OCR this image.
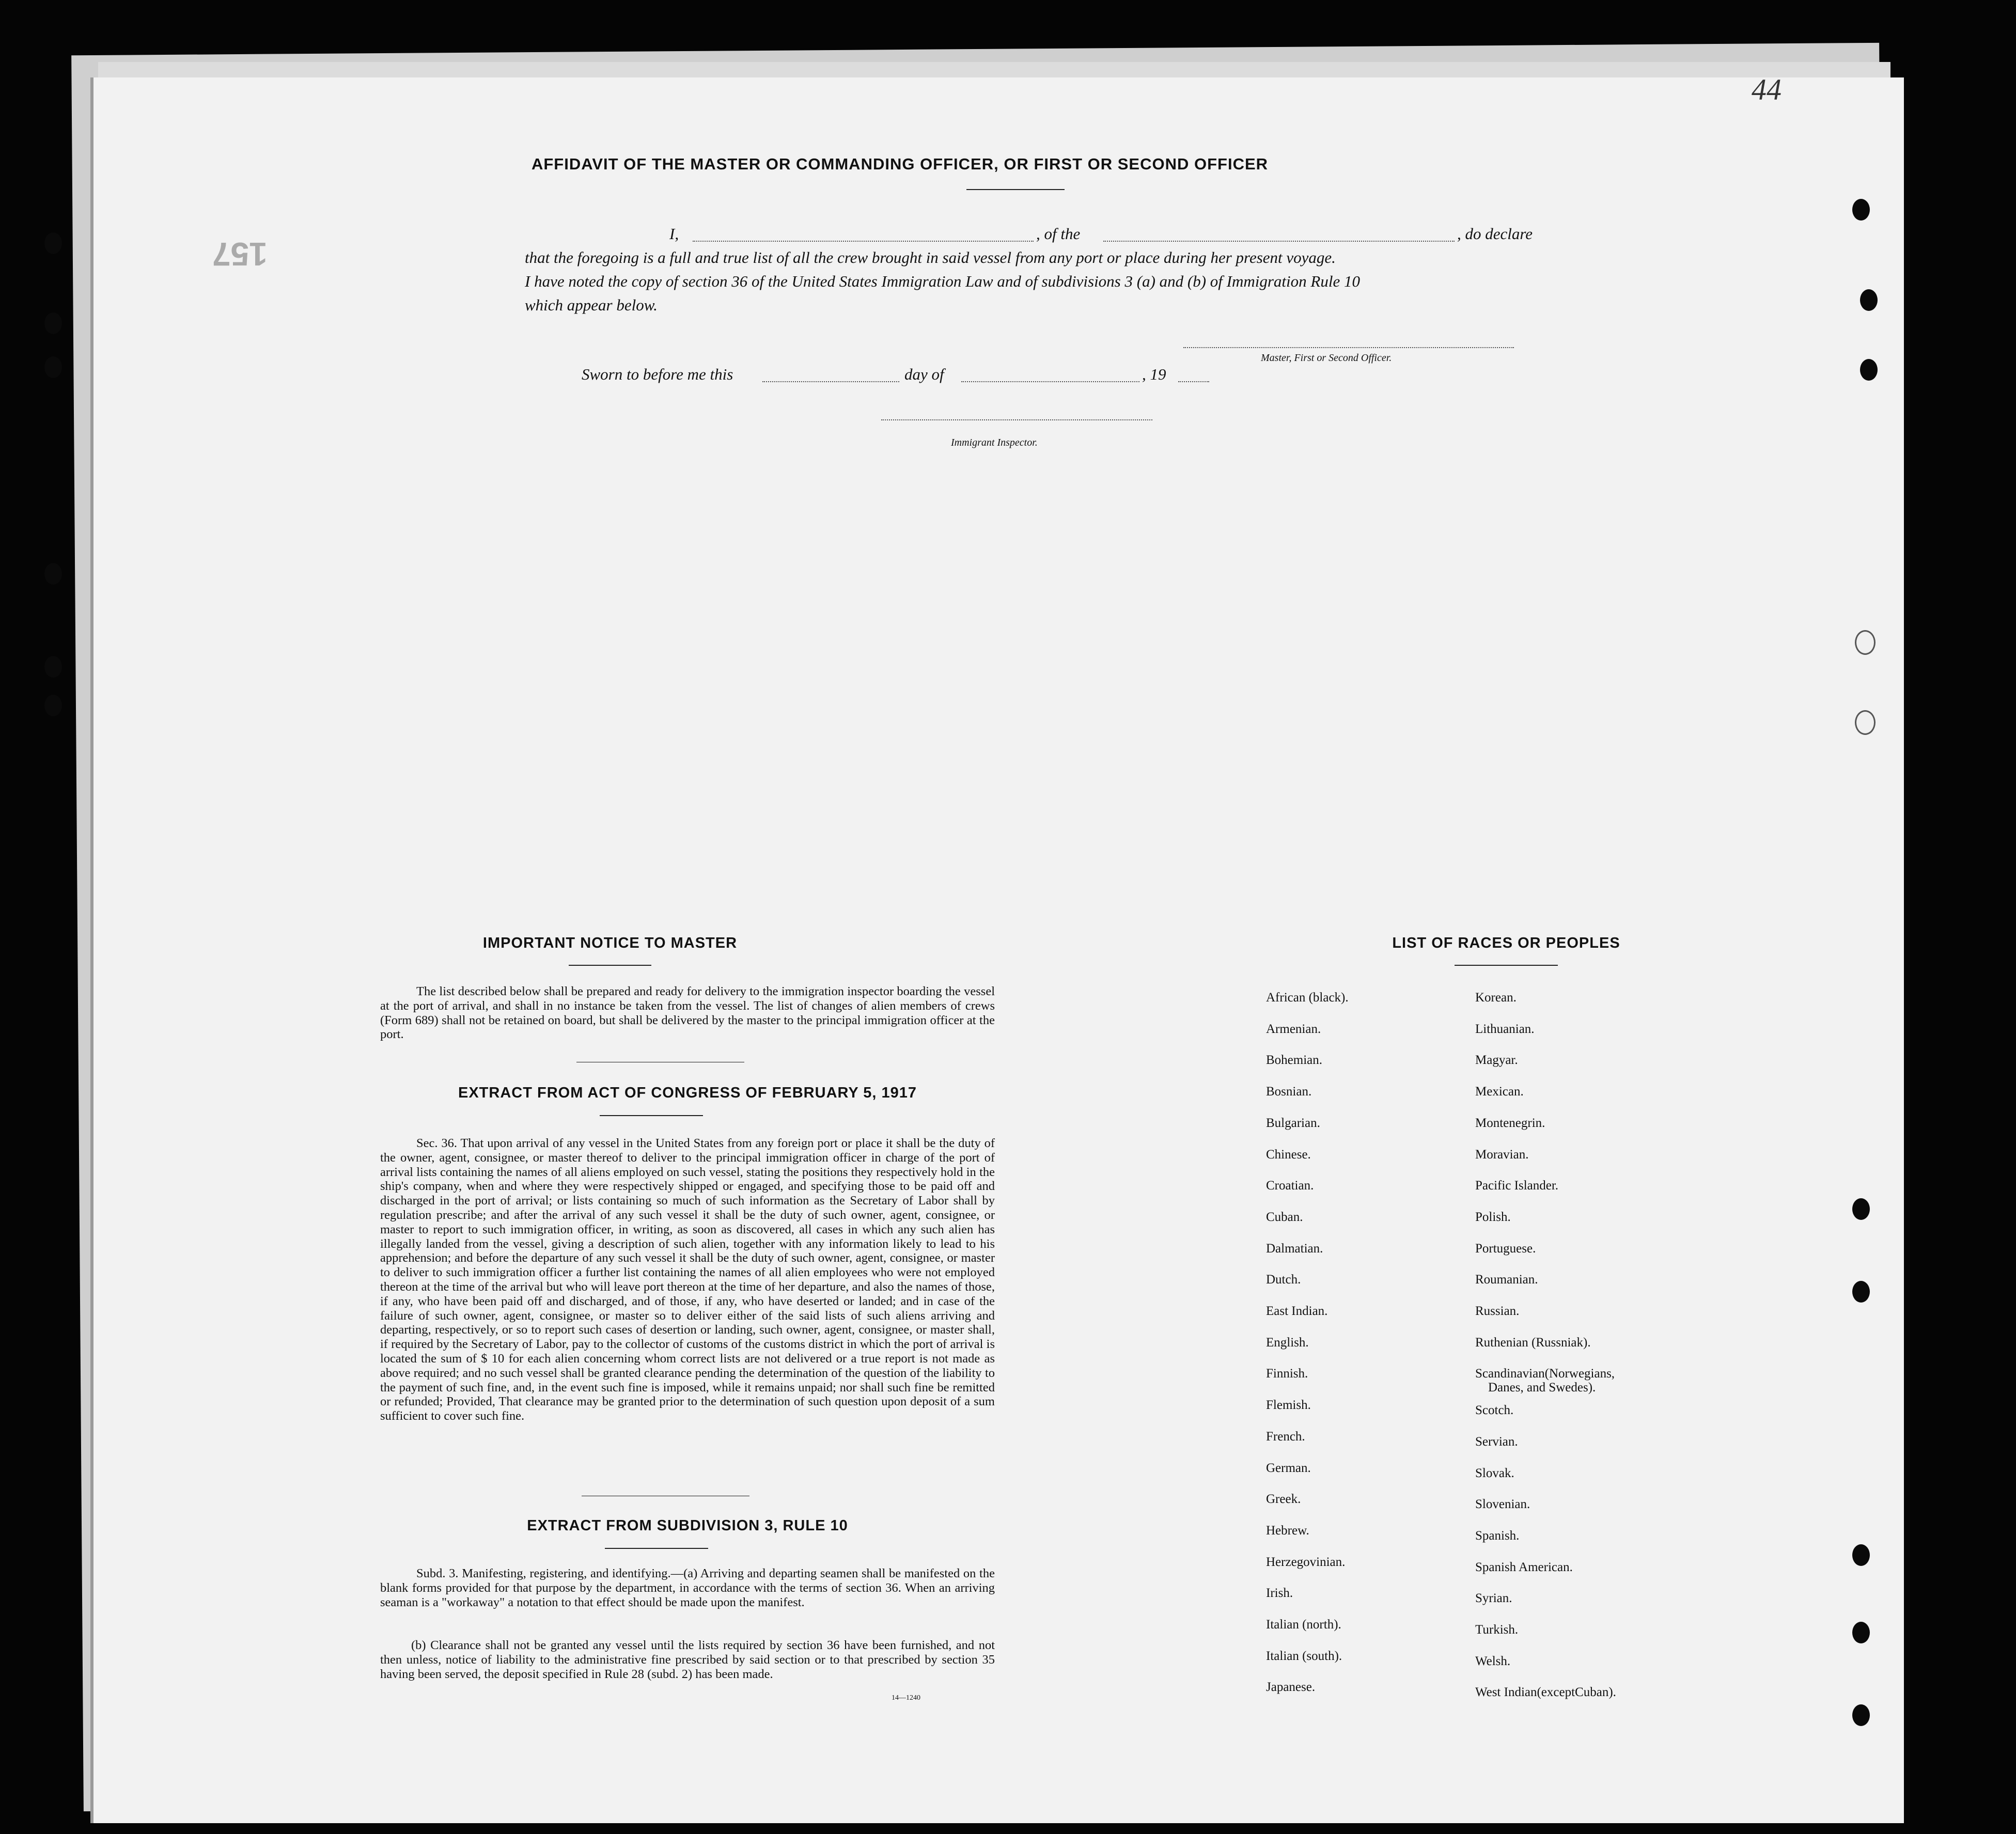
157
44

AFFIDAVIT OF THE MASTER OR COMMANDING OFFICER, OR FIRST OR SECOND OFFICER
I,	, of the	, do declare
that the foregoing is a full and true list of all the crew brought in said vessel from any port or place during her present voyage.
I have noted the copy of section 36 of the United States Immigration Law and of subdivisions 3 (a) and (b) of Immigration Rule 10
which appear below.
Master, First or Second Officer.
Sworn to before me this	day of	, 19
Immigrant Inspector.
IMPORTANT NOTICE TO MASTER
The list described below shall be prepared and ready for delivery to the immigration inspector boarding the vessel at the port of arrival, and shall in no instance be taken from the vessel. The list of changes of alien members of crews (Form 689) shall not be retained on board, but shall be delivered by the master to the principal immigration officer at the port.
EXTRACT FROM ACT OF CONGRESS OF FEBRUARY 5, 1917
Sec. 36. That upon arrival of any vessel in the United States from any foreign port or place it shall be the duty of the owner, agent, consignee, or master thereof to deliver to the principal immigration officer in charge of the port of arrival lists containing the names of all aliens employed on such vessel, stating the positions they respectively hold in the ship's company, when and where they were respectively shipped or engaged, and specifying those to be paid off and discharged in the port of arrival; or lists containing so much of such information as the Secretary of Labor shall by regulation prescribe; and after the arrival of any such vessel it shall be the duty of such owner, agent, consignee, or master to report to such immigration officer, in writing, as soon as discovered, all cases in which any such alien has illegally landed from the vessel, giving a description of such alien, together with any information likely to lead to his apprehension; and before the departure of any such vessel it shall be the duty of such owner, agent, consignee, or master to deliver to such immigration officer a further list containing the names of all alien employees who were not employed thereon at the time of the arrival but who will leave port thereon at the time of her departure, and also the names of those, if any, who have been paid off and discharged, and of those, if any, who have deserted or landed; and in case of the failure of such owner, agent, consignee, or master so to deliver either of the said lists of such aliens arriving and departing, respectively, or so to report such cases of desertion or landing, such owner, agent, consignee, or master shall, if required by the Secretary of Labor, pay to the collector of customs of the customs district in which the port of arrival is located the sum of $ 10 for each alien concerning whom correct lists are not delivered or a true report is not made as above required; and no such vessel shall be granted clearance pending the determination of the question of the liability to the payment of such fine, and, in the event such fine is imposed, while it remains unpaid; nor shall such fine be remitted or refunded; Provided, That clearance may be granted prior to the determination of such question upon deposit of a sum sufficient to cover such fine.
EXTRACT FROM SUBDIVISION 3, RULE 10
Subd. 3. Manifesting, registering, and identifying.—(a) Arriving and departing seamen shall be manifested on the blank forms provided for that purpose by the department, in accordance with the terms of section 36. When an arriving seaman is a "workaway" a notation to that effect should be made upon the manifest.
(b) Clearance shall not be granted any vessel until the lists required by section 36 have been furnished, and not then unless, notice of liability to the administrative fine prescribed by said section or to that prescribed by section 35 having been served, the deposit specified in Rule 28 (subd. 2) has been made.
14—1240
LIST OF RACES OR PEOPLES
African (black).
Armenian.
Bohemian.
Bosnian.
Bulgarian.
Chinese.
Croatian.
Cuban.
Dalmatian.
Dutch.
East Indian.
English.
Finnish.
Flemish.
French.
German.
Greek.
Hebrew.
Herzegovinian.
Irish.
Italian (north).
Italian (south).
Japanese.
Korean.
Lithuanian.
Magyar.
Mexican.
Montenegrin.
Moravian.
Pacific Islander.
Polish.
Portuguese.
Roumanian.
Russian.
Ruthenian (Russniak).
Scandinavian(Norwegians,
Danes, and Swedes).
Scotch.
Servian.
Slovak.
Slovenian.
Spanish.
Spanish American.
Syrian.
Turkish.
Welsh.
West Indian(exceptCuban).
